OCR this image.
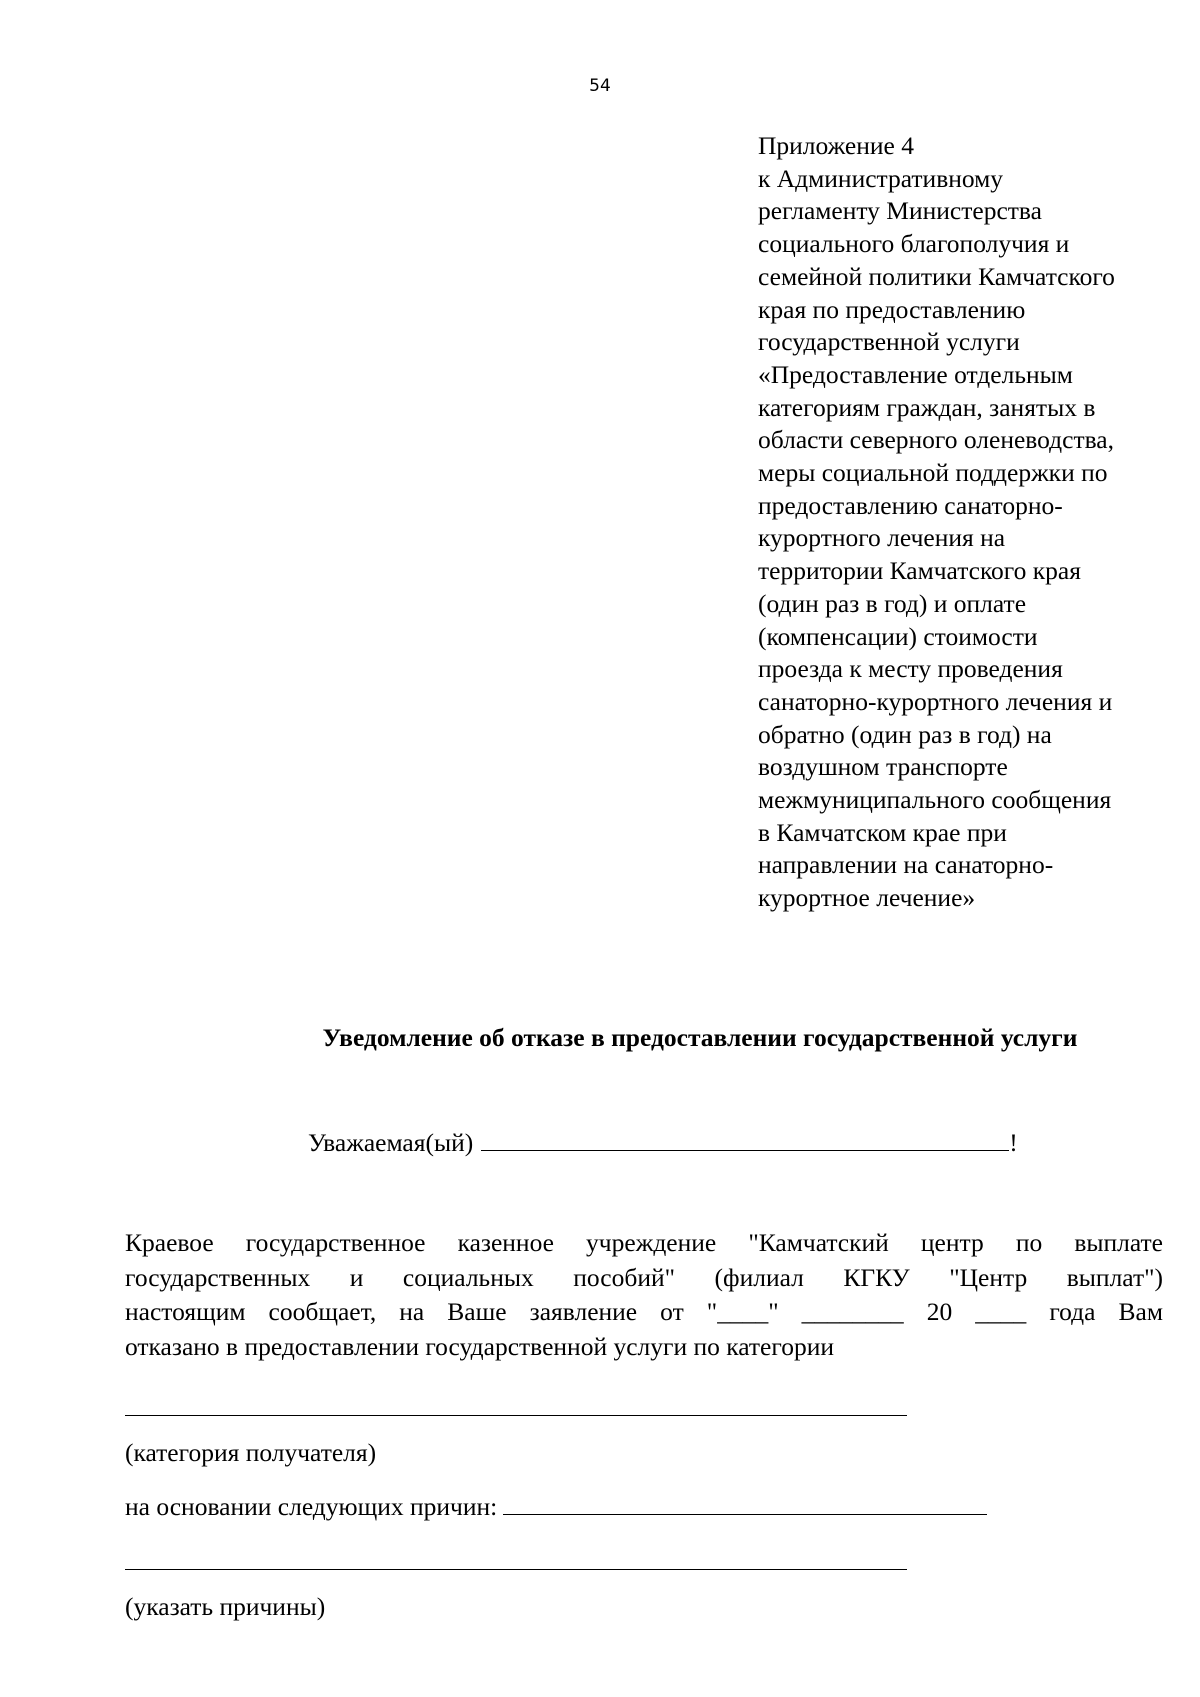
54
Приложение 4
к Административному
регламенту Министерства
социального благополучия и
семейной политики Камчатского
края по предоставлению
государственной услуги
«Предоставление отдельным
категориям граждан, занятых в
области северного оленеводства,
меры социальной поддержки по
предоставлению санаторно-
курортного лечения на
территории Камчатского края
(один раз в год) и оплате
(компенсации) стоимости
проезда к месту проведения
санаторно-курортного лечения и
обратно (один раз в год) на
воздушном транспорте
межмуниципального сообщения
в Камчатском крае при
направлении на санаторно-
курортное лечение»
Уведомление об отказе в предоставлении государственной услуги
Уважаемая(ый)	!
Краевое государственное казенное учреждение "Камчатский центр по выплате
государственных и социальных пособий" (филиал КГКУ "Центр выплат")
настоящим сообщает, на Ваше заявление от "____" ________ 20 ____ года Вам
отказано в предоставлении государственной услуги по категории
(категория получателя)
на основании следующих причин:
(указать причины)
